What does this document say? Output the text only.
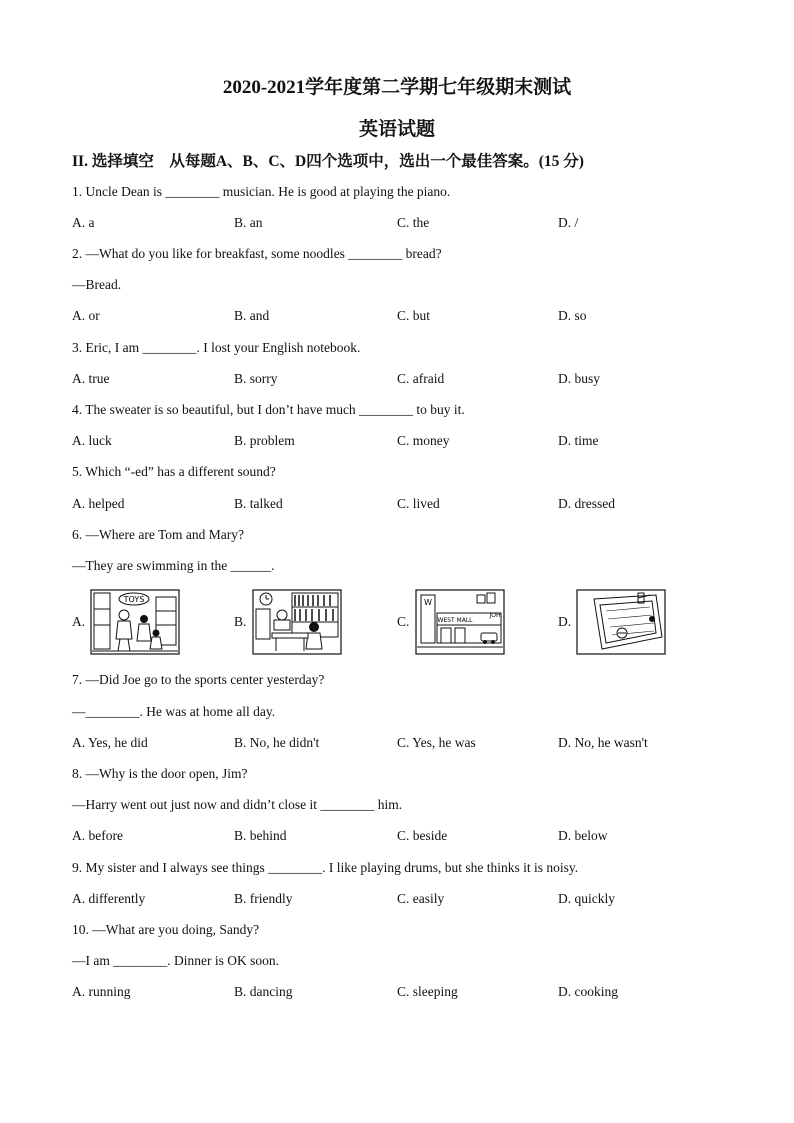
2020-2021学年度第二学期七年级期末测试
英语试题
II. 选择填空　从每题A、B、C、D四个选项中，选出一个最佳答案。(15 分)
1. Uncle Dean is ________ musician. He is good at playing the piano.
A. a	B. an	C. the	D. /
2. —What do you like for breakfast, some noodles ________ bread?
—Bread.
A. or	B. and	C. but	D. so
3. Eric, I am ________. I lost your English notebook.
A. true	B. sorry	C. afraid	D. busy
4. The sweater is so beautiful, but I don’t have much ________ to buy it.
A. luck	B. problem	C. money	D. time
5. Which “-ed” has a different sound?
A. helped	B. talked	C. lived	D. dressed
6. —Where are Tom and Mary?
—They are swimming in the ______.
A.
TOYS
B.	C.
W
WEST MALL
JOH	D.
7. —Did Joe go to the sports center yesterday?
—________. He was at home all day.
A. Yes, he did	B. No, he didn't	C. Yes, he was	D. No, he wasn't
8. —Why is the door open, Jim?
—Harry went out just now and didn’t close it ________ him.
A. before	B. behind	C. beside	D. below
9. My sister and I always see things ________. I like playing drums, but she thinks it is noisy.
A. differently	B. friendly	C. easily	D. quickly
10. —What are you doing, Sandy?
—I am ________. Dinner is OK soon.
A. running	B. dancing	C. sleeping	D. cooking
